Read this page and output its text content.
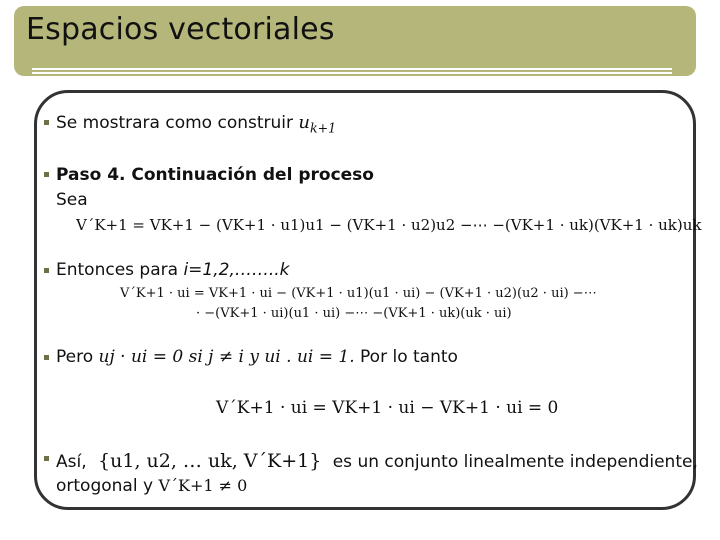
Espacios vectoriales
Se mostrara como construir $u_{k+1}$
Paso 4. Continuación del proceso
Sea
V´K+1 = VK+1 − (VK+1 · u1)u1 − (VK+1 · u2)u2 −⋯ −(VK+1 · uk)(VK+1 · uk)uk
Entonces para i=1,2,……..k
V´K+1 · ui = VK+1 · ui − (VK+1 · u1)(u1 · ui) − (VK+1 · u2)(u2 · ui) −⋯
· −(VK+1 · ui)(u1 · ui) −⋯ −(VK+1 · uk)(uk · ui)
Pero uj · ui = 0 si j ≠ i y ui . ui = 1. Por lo tanto
V´K+1 · ui = VK+1 · ui − VK+1 · ui = 0
Así, {u1, u2, … uk, V´K+1} es un conjunto linealmente independiente,
ortogonal y V´K+1 ≠ 0
